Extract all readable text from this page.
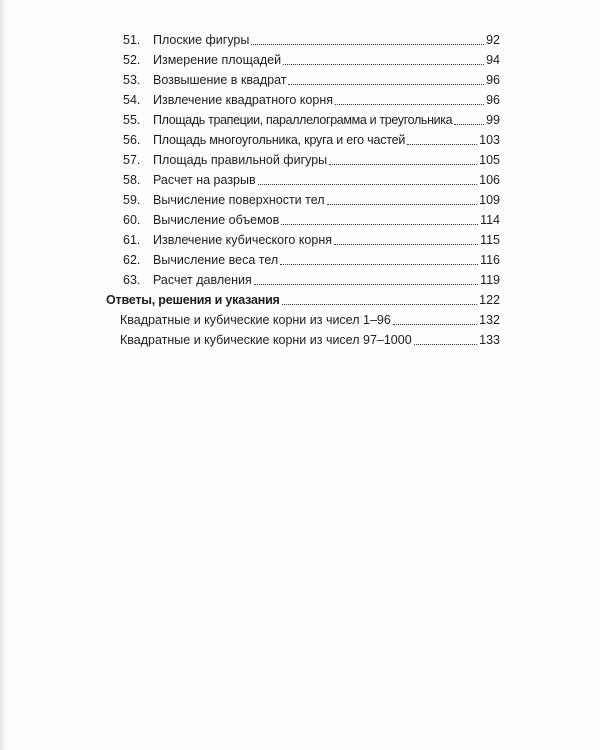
51.	Плоские фигуры	92
52.	Измерение площадей	94
53.	Возвышение в квадрат	96
54.	Извлечение квадратного корня	96
55.	Площадь трапеции, параллелограмма и треугольника	99
56.	Площадь многоугольника, круга и его частей	103
57.	Площадь правильной фигуры	105
58.	Расчет на разрыв	106
59.	Вычисление поверхности тел	109
60.	Вычисление объемов	114
61.	Извлечение кубического корня	115
62.	Вычисление веса тел	116
63.	Расчет давления	119
Ответы, решения и указания	122
Квадратные и кубические корни из чисел 1–96	132
Квадратные и кубические корни из чисел 97–1000	133
